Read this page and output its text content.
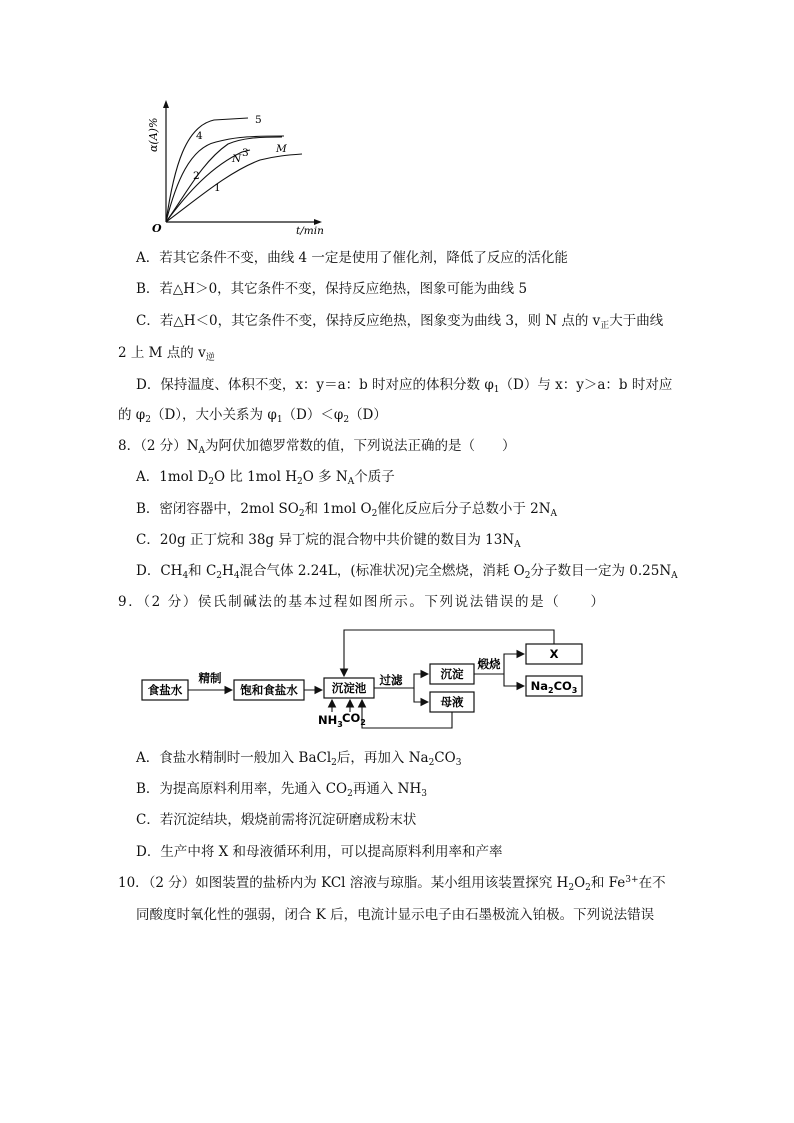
α(A)%
t/min
O
5
4
3
2
1
N
M
A．若其它条件不变，曲线 4 一定是使用了催化剂，降低了反应的活化能
B．若△H＞0，其它条件不变，保持反应绝热，图象可能为曲线 5
C．若△H＜0，其它条件不变，保持反应绝热，图象变为曲线 3，则 N 点的 $v_正$大于曲线
2 上 M 点的 $v_逆$
D．保持温度、体积不变，x：y＝a：b 时对应的体积分数 $\varphi_1(D)$与 x：y＞a：b 时对应
的 $\varphi_2(D)$，大小关系为 $\varphi_1(D)<\varphi_2(D)$
8．（2 分）$N_A$为阿伏加德罗常数的值，下列说法正确的是（　　）
A．1mol $D_2O$ 比 1mol $H_2O$ 多 $N_A$个质子
B．密闭容器中，2mol $SO_2$和 1mol $O_2$催化反应后分子总数小于 $2N_A$
C．20g 正丁烷和 38g 异丁烷的混合物中共价键的数目为 $13N_A$
D．$CH_4$和 $C_2H_4$混合气体 2.24L，(标准状况)完全燃烧，消耗 $O_2$分子数目一定为 $0.25N_A$
9．（2 分）侯氏制碱法的基本过程如图所示。下列说法错误的是（　　）
食盐水
精制
饱和食盐水	沉淀池
过滤	沉淀
煅烧
X
$Na_2CO_3$
母液
$NH_3$ $CO_2$
A．食盐水精制时一般加入 BaCl$_2$后，再加入 $Na_2CO_3$
B．为提高原料利用率，先通入 $CO_2$再通入 $NH_3$
C．若沉淀结块，煅烧前需将沉淀研磨成粉末状
D．生产中将 X 和母液循环利用，可以提高原料利用率和产率
10．（2 分）如图装置的盐桥内为 KCl 溶液与琼脂。某小组用该装置探究 $H_2O_2$和 $Fe^{3+}$在不
同酸度时氧化性的强弱，闭合 K 后，电流计显示电子由石墨极流入铂极。下列说法错误
